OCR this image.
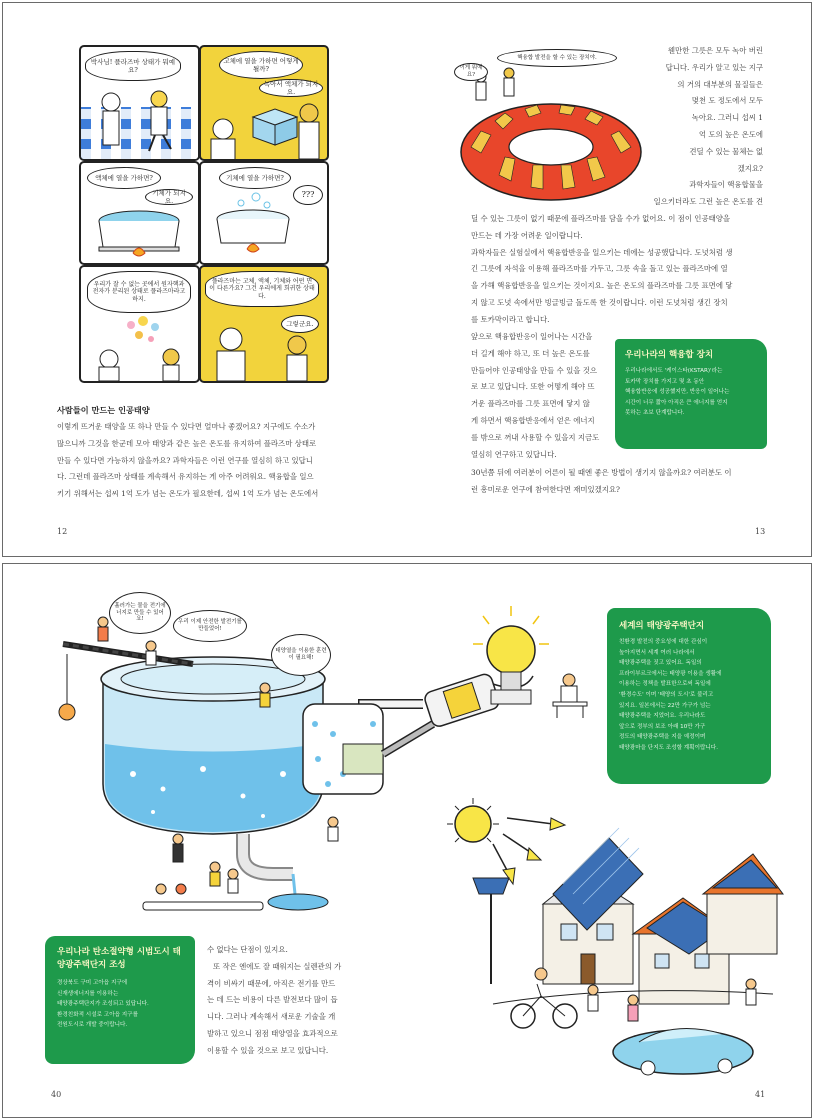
박사님! 플라즈마 상태가 뭐예요?
고체에 열을 가하면 어떻게 될까?
녹아서 액체가 되지요.
액체에 열을 가하면?
기체가 되지요.
기체에 열을 가하면?
???
우리가 잘 수 없는 곳에서 원자핵과 전자가 분리된 상태로 플라즈마라고 하지.
플라즈마는 고체, 액체, 기체와 어떤 면이 다른가요? 그건 우리에게 희귀한 상태다.
그렇군요.
사람들이 만드는 인공태양

이렇게 뜨거운 태양을 또 하나 만들 수 있다면 얼마나 좋겠어요? 지구에도 수소가

많으니까 그것을 한군데 모아 태양과 같은 높은 온도를 유지하여 플라즈마 상태로

만들 수 있다면 가능하지 않을까요? 과학자들은 이런 연구를 열심히 하고 있답니

다. 그런데 플라즈마 상태를 계속해서 유지하는 게 아주 어려워요. 핵융합을 일으

키기 위해서는 섭씨 1억 도가 넘는 온도가 필요한데, 섭씨 1억 도가 넘는 온도에서

12
이게 뭐예요?
핵융합 발전을 할 수 있는 장치야.

웬만한 그릇은 모두 녹아 버린

답니다. 우리가 알고 있는 지구

의 거의 대부분의 물질들은

몇천 도 정도에서 모두

녹아요. 그러니 섭씨 1

억 도의 높은 온도에

견딜 수 있는 물체는 없

겠지요?

과학자들이 핵융합물을

일으키더라도 그런 높은 온도를 견

딜 수 있는 그릇이 없기 때문에 플라즈마를 담을 수가 없어요. 이 점이 인공태양을

만드는 데 가장 어려운 일이랍니다.

과학자들은 실험실에서 핵융합반응을 일으키는 데에는 성공했답니다. 도넛처럼 생

긴 그릇에 자석을 이용해 플라즈마를 가두고, 그릇 속을 돌고 있는 플라즈마에 열

을 가해 핵융합반응을 일으키는 것이지요. 높은 온도의 플라즈마를 그릇 표면에 닿

지 않고 도넛 속에서만 빙글빙글 돌도록 한 것이랍니다. 이런 도넛처럼 생긴 장치

를 토카막이라고 합니다.

앞으로 핵융합반응이 일어나는 시간을

더 길게 해야 하고, 또 더 높은 온도를

만들어야 인공태양을 만들 수 있을 것으

로 보고 있답니다. 또한 어떻게 해야 뜨

거운 플라즈마를 그릇 표면에 닿지 않

게 하면서 핵융합반응에서 얻은 에너지

를 밖으로 꺼내 사용할 수 있을지 지금도

열심히 연구하고 있답니다.

30년쯤 뒤에 여러분이 어른이 될 때엔 좋은 방법이 생기지 않을까요? 여러분도 이

런 흥미로운 연구에 참여한다면 재미있겠지요?

우리나라의 핵융합 장치
우리나라에서도 '케이스타(KSTAR)'라는
토카막 장치를 가지고 몇 초 동안
핵융합반응에 성공했지만, 반응이 일어나는
시간이 너무 짧아 아직은 큰 에너지를 얻지
못하는 초보 단계랍니다.
13
흘러가는 물을 전기에너지로 만들 수 있어요!	우리 이제 안전한 발전기를 만들었어!
태양열을 이용한 훈련이 필요해!
세계의 태양광주택단지
친환경 발전의 중요성에 대한 관심이
높아지면서 세계 여러 나라에서
태양광주택을 짓고 있어요. 독일의
프라이부르크에서는 태양광 이용을 생활에
이용하는 정책을 발표한으로써 독일에
'환경수도' 이며 '태양의 도시'로 불리고
있지요. 일본에서는 22만 가구가 넘는
태양광주택을 지었어요. 우리나라도
앞으로 정부의 보조 아래 10만 가구
정도의 태양광주택을 지을 예정이며
태양광마을 단지도 조성할 계획이랍니다.
우리나라 탄소절약형 시범도시 태양광주택단지 조성
경상북도 구미 고아읍 지구에
신재생에너지를 이용하는
태양광주택단지가 조성되고 있답니다.
환경친화적 시설로 고아읍 지구를
전원도시로 개발 중이랍니다.

수 없다는 단점이 있지요.

또 작은 엔에도 잘 때워지는 실렌관의 가

격이 비싸기 때문에, 아직은 전기를 만드

는 데 드는 비용이 다른 발전보다 많이 듭

니다. 그러나 계속해서 새로운 기술을 개

발하고 있으니 점점 태양열을 효과적으로

이용할 수 있을 것으로 보고 있답니다.

40	41
